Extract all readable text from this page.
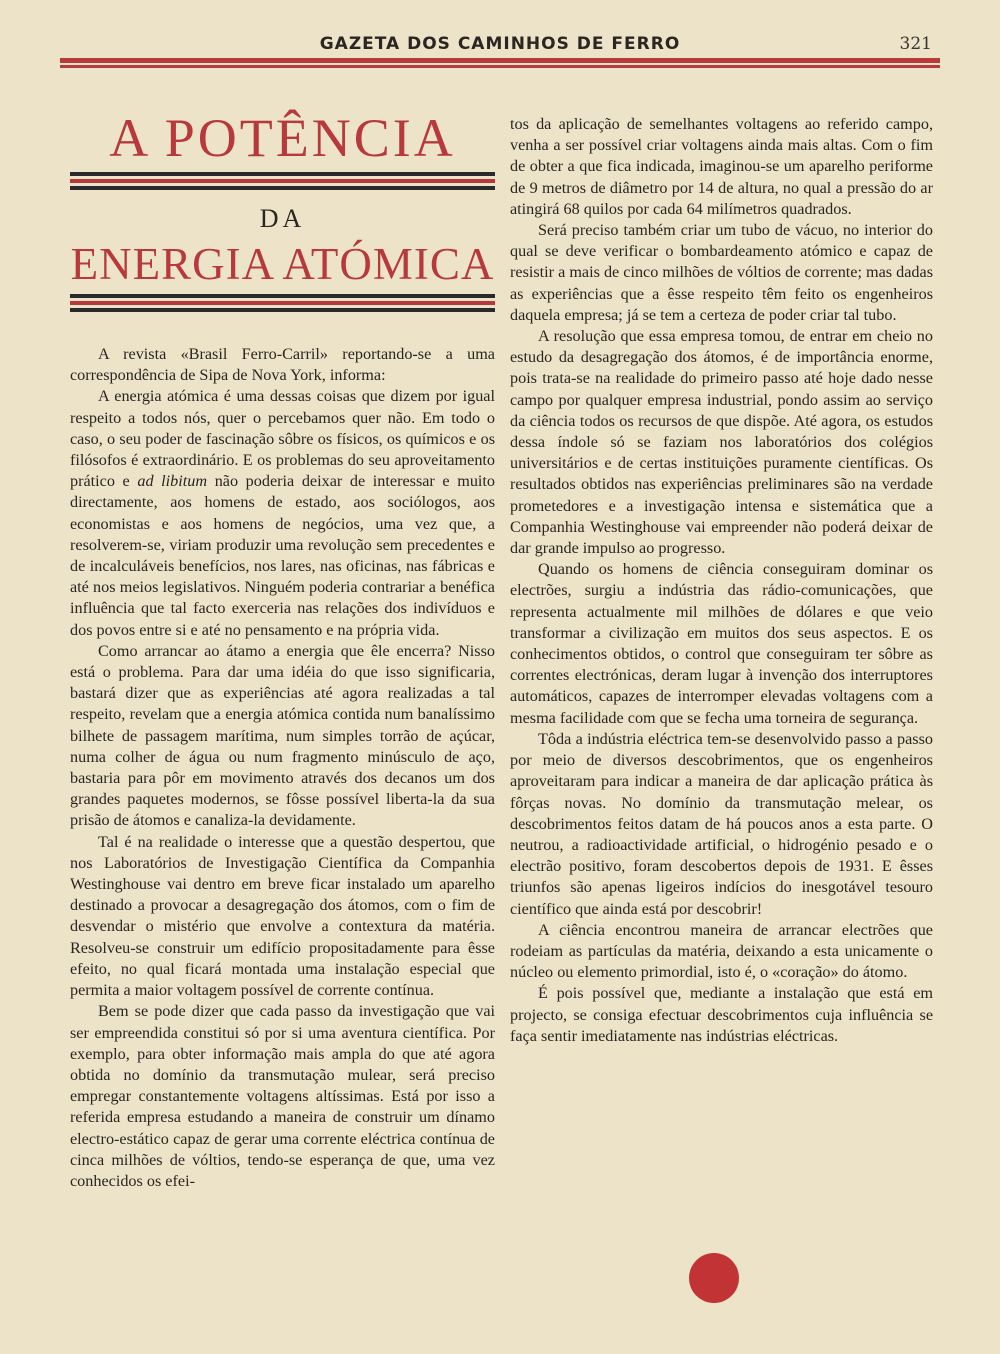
GAZETA DOS CAMINHOS DE FERRO	321
A POTÊNCIA
DA
ENERGIA ATÓMICA

A revista «Brasil Ferro-Carril» reportando-se a uma correspondência de Sipa de Nova York, informa:

A energia atómica é uma dessas coisas que dizem por igual respeito a todos nós, quer o percebamos quer não. Em todo o caso, o seu poder de fascinação sôbre os físicos, os químicos e os filósofos é extraordinário. E os problemas do seu aproveitamento prático e ad libitum não poderia deixar de interessar e muito directamente, aos homens de estado, aos sociólogos, aos economistas e aos homens de negócios, uma vez que, a resolverem-se, viriam produzir uma revolução sem precedentes e de incalculáveis benefícios, nos lares, nas oficinas, nas fábricas e até nos meios legislativos. Ninguém poderia contrariar a benéfica influência que tal facto exerceria nas relações dos indivíduos e dos povos entre si e até no pensamento e na própria vida.

Como arrancar ao átamo a energia que êle encerra? Nisso está o problema. Para dar uma idéia do que isso significaria, bastará dizer que as experiências até agora realizadas a tal respeito, revelam que a energia atómica contida num banalíssimo bilhete de passagem marítima, num simples torrão de açúcar, numa colher de água ou num fragmento minúsculo de aço, bastaria para pôr em movimento através dos decanos um dos grandes paquetes modernos, se fôsse possível liberta-la da sua prisão de átomos e canaliza-la devidamente.

Tal é na realidade o interesse que a questão despertou, que nos Laboratórios de Investigação Científica da Companhia Westinghouse vai dentro em breve ficar instalado um aparelho destinado a provocar a desagregação dos átomos, com o fim de desvendar o mistério que envolve a contextura da matéria. Resolveu-se construir um edifício propositadamente para êsse efeito, no qual ficará montada uma instalação especial que permita a maior voltagem possível de corrente contínua.

Bem se pode dizer que cada passo da investigação que vai ser empreendida constitui só por si uma aventura científica. Por exemplo, para obter informação mais ampla do que até agora obtida no domínio da transmutação mulear, será preciso empregar constantemente voltagens altíssimas. Está por isso a referida empresa estudando a maneira de construir um dínamo electro-estático capaz de gerar uma corrente eléctrica contínua de cinca milhões de vóltios, tendo-se esperança de que, uma vez conhecidos os efei-

tos da aplicação de semelhantes voltagens ao referido campo, venha a ser possível criar voltagens ainda mais altas. Com o fim de obter a que fica indicada, imaginou-se um aparelho periforme de 9 metros de diâmetro por 14 de altura, no qual a pressão do ar atingirá 68 quilos por cada 64 milímetros quadrados.

Será preciso também criar um tubo de vácuo, no interior do qual se deve verificar o bombardeamento atómico e capaz de resistir a mais de cinco milhões de vóltios de corrente; mas dadas as experiências que a êsse respeito têm feito os engenheiros daquela empresa; já se tem a certeza de poder criar tal tubo.

A resolução que essa empresa tomou, de entrar em cheio no estudo da desagregação dos átomos, é de importância enorme, pois trata-se na realidade do primeiro passo até hoje dado nesse campo por qualquer empresa industrial, pondo assim ao serviço da ciência todos os recursos de que dispõe. Até agora, os estudos dessa índole só se faziam nos laboratórios dos colégios universitários e de certas instituições puramente científicas. Os resultados obtidos nas experiências preliminares são na verdade prometedores e a investigação intensa e sistemática que a Companhia Westinghouse vai empreender não poderá deixar de dar grande impulso ao progresso.

Quando os homens de ciência conseguiram dominar os electrões, surgiu a indústria das rádio-comunicações, que representa actualmente mil milhões de dólares e que veio transformar a civilização em muitos dos seus aspectos. E os conhecimentos obtidos, o control que conseguiram ter sôbre as correntes electrónicas, deram lugar à invenção dos interruptores automáticos, capazes de interromper elevadas voltagens com a mesma facilidade com que se fecha uma torneira de segurança.

Tôda a indústria eléctrica tem-se desenvolvido passo a passo por meio de diversos descobrimentos, que os engenheiros aproveitaram para indicar a maneira de dar aplicação prática às fôrças novas. No domínio da transmutação melear, os descobrimentos feitos datam de há poucos anos a esta parte. O neutrou, a radioactividade artificial, o hidrogénio pesado e o electrão positivo, foram descobertos depois de 1931. E êsses triunfos são apenas ligeiros indícios do inesgotável tesouro científico que ainda está por descobrir!

A ciência encontrou maneira de arrancar electrões que rodeiam as partículas da matéria, deixando a esta unicamente o núcleo ou elemento primordial, isto é, o «coração» do átomo.

É pois possível que, mediante a instalação que está em projecto, se consiga efectuar descobrimentos cuja influência se faça sentir imediatamente nas indústrias eléctricas.
